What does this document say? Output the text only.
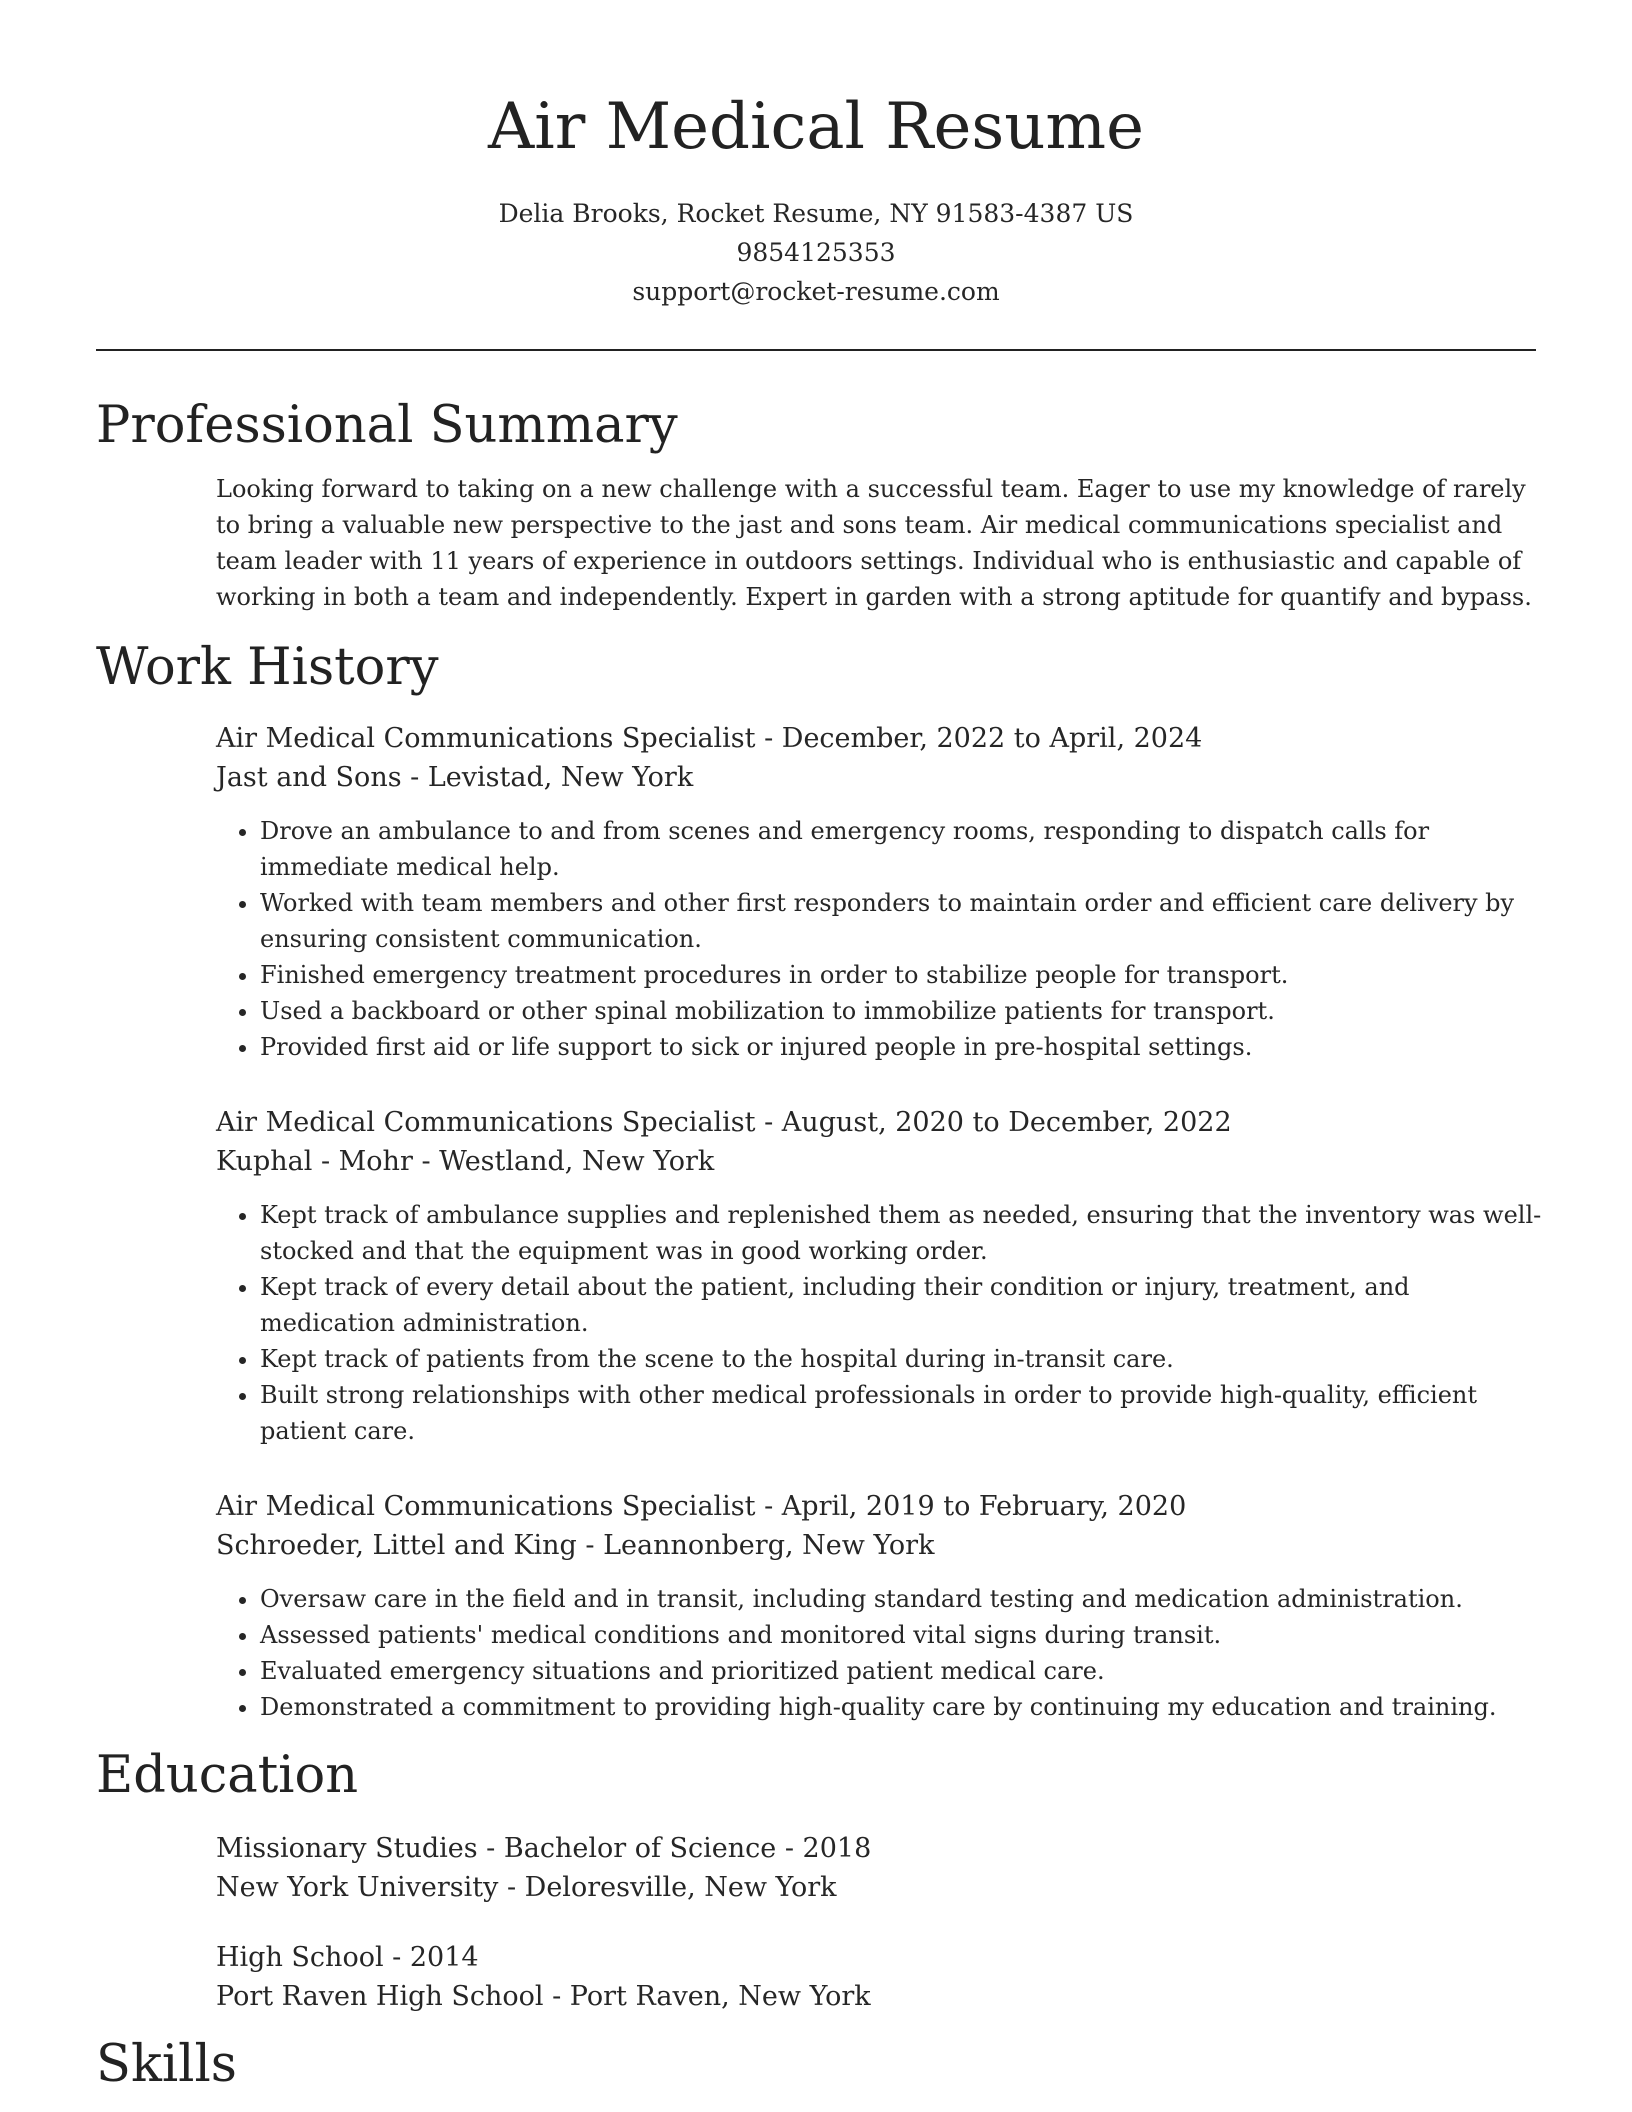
Air Medical Resume
Delia Brooks, Rocket Resume, NY 91583-4387 US
9854125353
support@rocket-resume.com
Professional Summary

Looking forward to taking on a new challenge with a successful team. Eager to use my knowledge of rarely to bring a valuable new perspective to the jast and sons team. Air medical communications specialist and team leader with 11 years of experience in outdoors settings. Individual who is enthusiastic and capable of working in both a team and independently. Expert in garden with a strong aptitude for quantify and bypass.

Work History
Air Medical Communications Specialist - December, 2022 to April, 2024
Jast and Sons - Levistad, New York
• Drove an ambulance to and from scenes and emergency rooms, responding to dispatch calls for immediate medical help.
• Worked with team members and other first responders to maintain order and efficient care delivery by ensuring consistent communication.
• Finished emergency treatment procedures in order to stabilize people for transport.
• Used a backboard or other spinal mobilization to immobilize patients for transport.
• Provided first aid or life support to sick or injured people in pre-hospital settings.
Air Medical Communications Specialist - August, 2020 to December, 2022
Kuphal - Mohr - Westland, New York
• Kept track of ambulance supplies and replenished them as needed, ensuring that the inventory was well-stocked and that the equipment was in good working order.
• Kept track of every detail about the patient, including their condition or injury, treatment, and medication administration.
• Kept track of patients from the scene to the hospital during in-transit care.
• Built strong relationships with other medical professionals in order to provide high-quality, efficient patient care.
Air Medical Communications Specialist - April, 2019 to February, 2020
Schroeder, Littel and King - Leannonberg, New York
• Oversaw care in the field and in transit, including standard testing and medication administration.
• Assessed patients' medical conditions and monitored vital signs during transit.
• Evaluated emergency situations and prioritized patient medical care.
• Demonstrated a commitment to providing high-quality care by continuing my education and training.
Education
Missionary Studies - Bachelor of Science - 2018
New York University - Deloresville, New York
High School - 2014
Port Raven High School - Port Raven, New York
Skills
